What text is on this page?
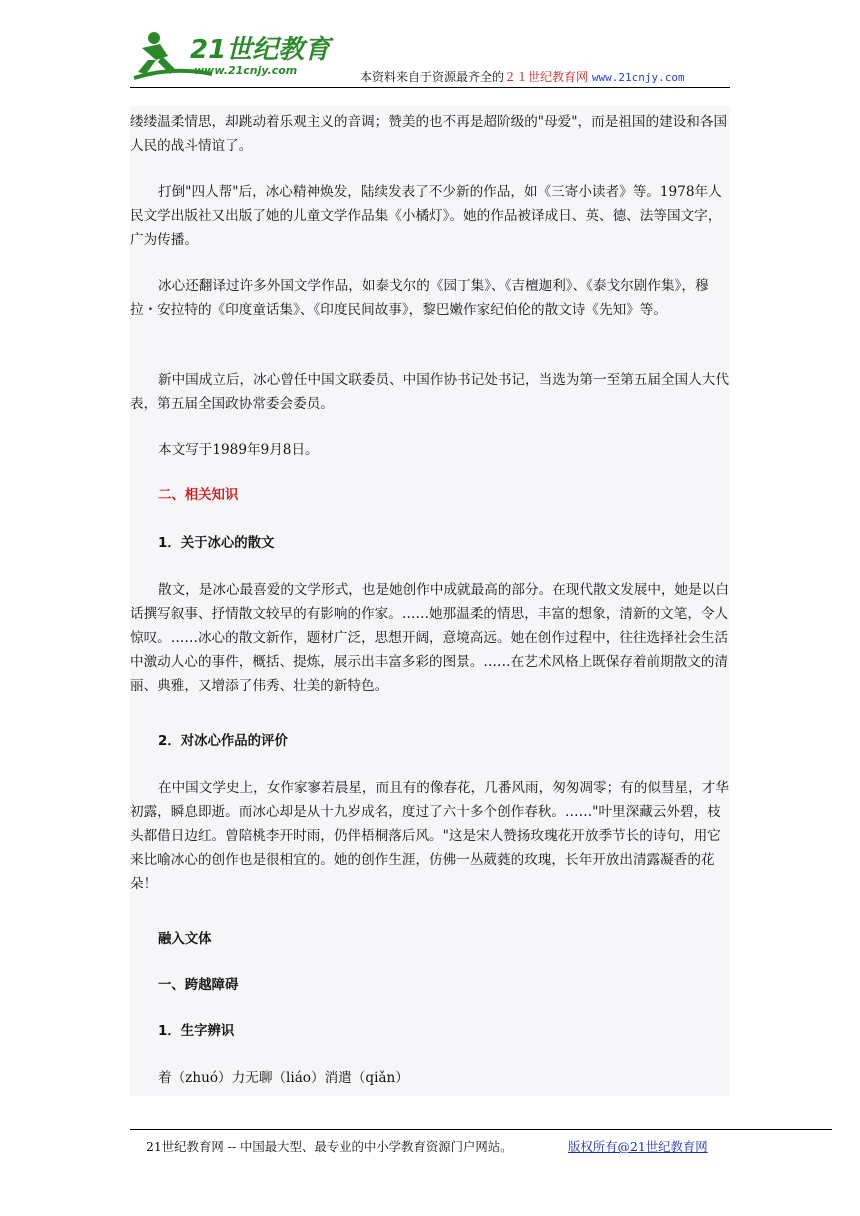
21世纪教育
www.21cnjy.com	本资料来自于资源最齐全的２１世纪教育网 www.21cnjy.com

缕缕温柔情思，却跳动着乐观主义的音调；赞美的也不再是超阶级的"母爱"，而是祖国的建设和各国人民的战斗情谊了。

打倒"四人帮"后，冰心精神焕发，陆续发表了不少新的作品，如《三寄小读者》等。1978年人民文学出版社又出版了她的儿童文学作品集《小橘灯》。她的作品被译成日、英、德、法等国文字，广为传播。

冰心还翻译过许多外国文学作品，如泰戈尔的《园丁集》、《吉檀迦利》、《泰戈尔剧作集》，穆拉・安拉特的《印度童话集》、《印度民间故事》，黎巴嫩作家纪伯伦的散文诗《先知》等。

新中国成立后，冰心曾任中国文联委员、中国作协书记处书记，当选为第一至第五届全国人大代表，第五届全国政协常委会委员。

本文写于1989年9月8日。

二、相关知识

1．关于冰心的散文

散文，是冰心最喜爱的文学形式，也是她创作中成就最高的部分。在现代散文发展中，她是以白话撰写叙事、抒情散文较早的有影响的作家。……她那温柔的情思，丰富的想象，清新的文笔，令人惊叹。……冰心的散文新作，题材广泛，思想开阔，意境高远。她在创作过程中，往往选择社会生活中激动人心的事件，概括、提炼，展示出丰富多彩的图景。……在艺术风格上既保存着前期散文的清丽、典雅，又增添了伟秀、壮美的新特色。

2．对冰心作品的评价

在中国文学史上，女作家寥若晨星，而且有的像春花，几番风雨，匆匆凋零；有的似彗星，才华初露，瞬息即逝。而冰心却是从十九岁成名，度过了六十多个创作春秋。……"叶里深藏云外碧，枝头都借日边红。曾陪桃李开时雨，仍伴梧桐落后风。"这是宋人赞扬玫瑰花开放季节长的诗句，用它来比喻冰心的创作也是很相宜的。她的创作生涯，仿佛一丛葳蕤的玫瑰，长年开放出清露凝香的花朵！

融入文体

一、跨越障碍

1．生字辨识

着（zhuó）力无聊（liáo）消遣（qiǎn）

21世纪教育网 -- 中国最大型、最专业的中小学教育资源门户网站。	版权所有@21世纪教育网
